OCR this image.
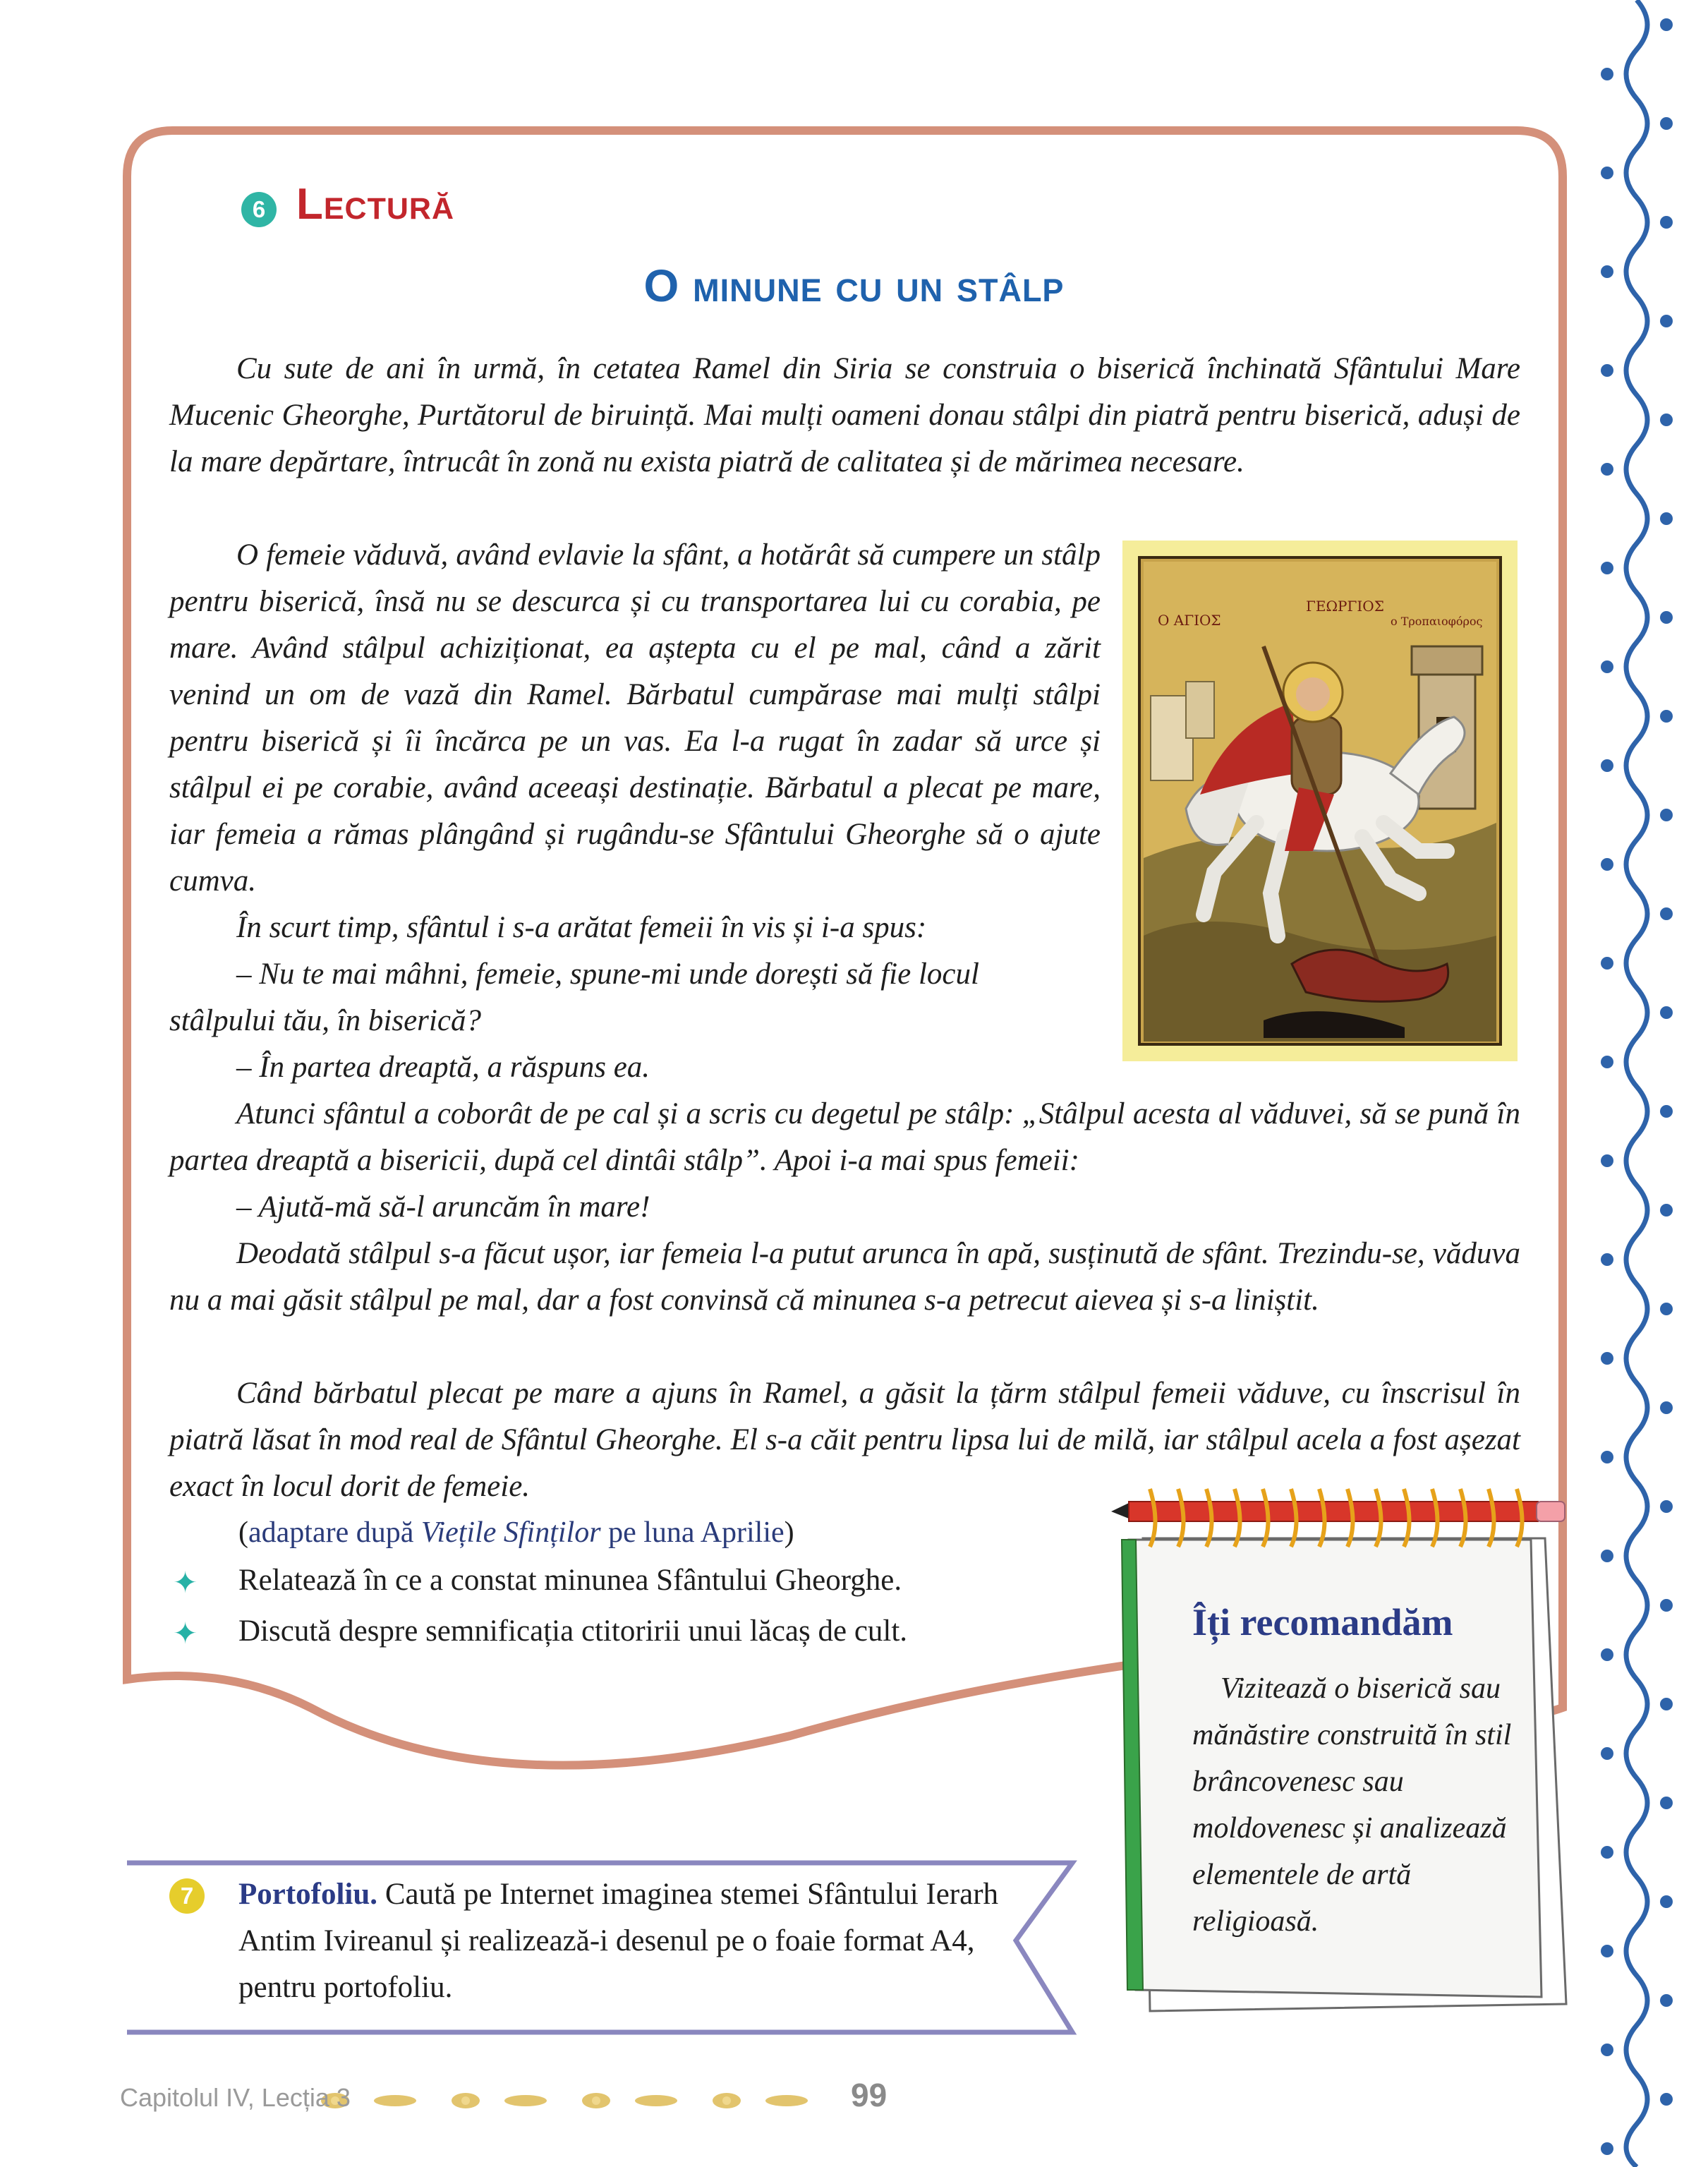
6 Lectură
O minune cu un stâlp

Cu sute de ani în urmă, în cetatea Ramel din Siria se construia o biserică închinată Sfântului Mare Mucenic Gheorghe, Purtătorul de biruință. Mai mulți oameni donau stâlpi din piatră pentru biserică, aduși de la mare depărtare, întrucât în zonă nu exista piatră de calitatea și de mărimea necesare.

O femeie văduvă, având evlavie la sfânt, a hotărât să cumpere un stâlp pentru biserică, însă nu se descurca și cu transportarea lui cu corabia, pe mare. Având stâlpul achiziționat, ea aștepta cu el pe mal, când a zărit venind un om de vază din Ramel. Bărbatul cumpărase mai mulți stâlpi pentru biserică și îi încărca pe un vas. Ea l-a rugat în zadar să urce și stâlpul ei pe corabie, având aceeași destinație. Bărbatul a plecat pe mare, iar femeia a rămas plângând și rugându-se Sfântului Gheorghe să o ajute cumva.

În scurt timp, sfântul i s-a arătat femeii în vis și i-a spus:

– Nu te mai mâhni, femeie, spune-mi unde dorești să fie locul

stâlpului tău, în biserică?

– În partea dreaptă, a răspuns ea.

Atunci sfântul a coborât de pe cal și a scris cu degetul pe stâlp: „Stâlpul acesta al văduvei, să se pună în partea dreaptă a bisericii, după cel dintâi stâlp”. Apoi i-a mai spus femeii:

– Ajută-mă să-l aruncăm în mare!

Deodată stâlpul s-a făcut ușor, iar femeia l-a putut arunca în apă, susținută de sfânt. Trezindu-se, văduva nu a mai găsit stâlpul pe mal, dar a fost convinsă că minunea s-a petrecut aievea și s-a liniștit.

Când bărbatul plecat pe mare a ajuns în Ramel, a găsit la țărm stâlpul femeii văduve, cu înscrisul în piatră lăsat în mod real de Sfântul Gheorghe. El s-a căit pentru lipsa lui de milă, iar stâlpul acela a fost așezat exact în locul dorit de femeie.

(adaptare după Viețile Sfinților pe luna Aprilie)
Ο ΑΓΙΟΣ
ΓΕΩΡΓΙΟΣ
ο Τροπαιοφόρος
✦ Relatează în ce a constat minunea Sfântului Gheorghe.
✦ Discută despre semnificația ctitoririi unui lăcaș de cult.	Îți recomandăm

Vizitează o biserică sau mănăstire construită în stil brâncovenesc sau moldovenesc și analizează elementele de artă religioasă.

7	Portofoliu. Caută pe Internet imaginea stemei Sfântului Ierarh Antim Ivireanul și realizează-i desenul pe o foaie format A4, pentru portofoliu.

Capitolul IV, Lecția 3	99
